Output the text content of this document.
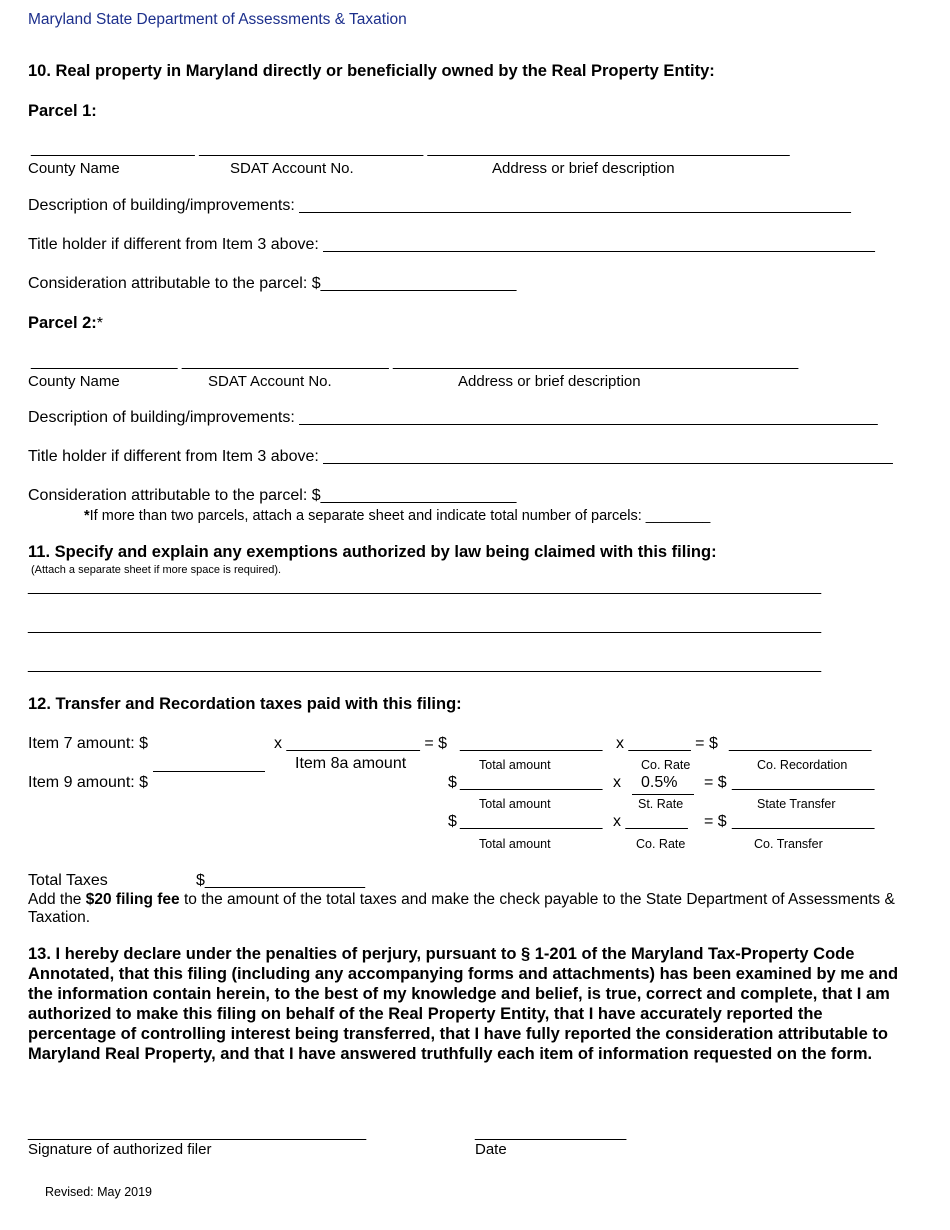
Maryland State Department of Assessments & Taxation
10. Real property in Maryland directly or beneficially owned by the Real Property Entity:
Parcel 1:
___________________ __________________________ __________________________________________
County Name	SDAT Account No.	Address or brief description
Description of building/improvements: ______________________________________________________________
Title holder if different from Item 3 above: ______________________________________________________________
Consideration attributable to the parcel: $______________________
Parcel 2:*
_________________ ________________________ _______________________________________________
County Name	SDAT Account No.	Address or brief description
Description of building/improvements: _________________________________________________________________
Title holder if different from Item 3 above: ________________________________________________________________
Consideration attributable to the parcel: $______________________
*If more than two parcels, attach a separate sheet and indicate total number of parcels: ________
11. Specify and explain any exemptions authorized by law being claimed with this filing:
(Attach a separate sheet if more space is required).
____________________________________________________________________________________________
____________________________________________________________________________________________
____________________________________________________________________________________________
12. Transfer and Recordation taxes paid with this filing:
Item 7 amount: $	x _______________ = $ ________________ x _______ = $ ________________
Total amount	Co. Rate	Co. Recordation
Item 8a amount
Item 9 amount: $	$ ________________ x 0.5% = $ ________________
Total amount	St. Rate	State Transfer
$ ________________ x _______ = $ ________________
Total amount	Co. Rate	Co. Transfer
Total Taxes	$__________________
Add the $20 filing fee to the amount of the total taxes and make the check payable to the State Department of Assessments & Taxation.
13. I hereby declare under the penalties of perjury, pursuant to § 1-201 of the Maryland Tax-Property Code Annotated, that this filing (including any accompanying forms and attachments) has been examined by me and the information contain herein, to the best of my knowledge and belief, is true, correct and complete, that I am authorized to make this filing on behalf of the Real Property Entity, that I have accurately reported the percentage of controlling interest being transferred, that I have fully reported the consideration attributable to Maryland Real Property, and that I have answered truthfully each item of information requested on the form.
______________________________________	_________________
Signature of authorized filer	Date
Revised: May 2019
